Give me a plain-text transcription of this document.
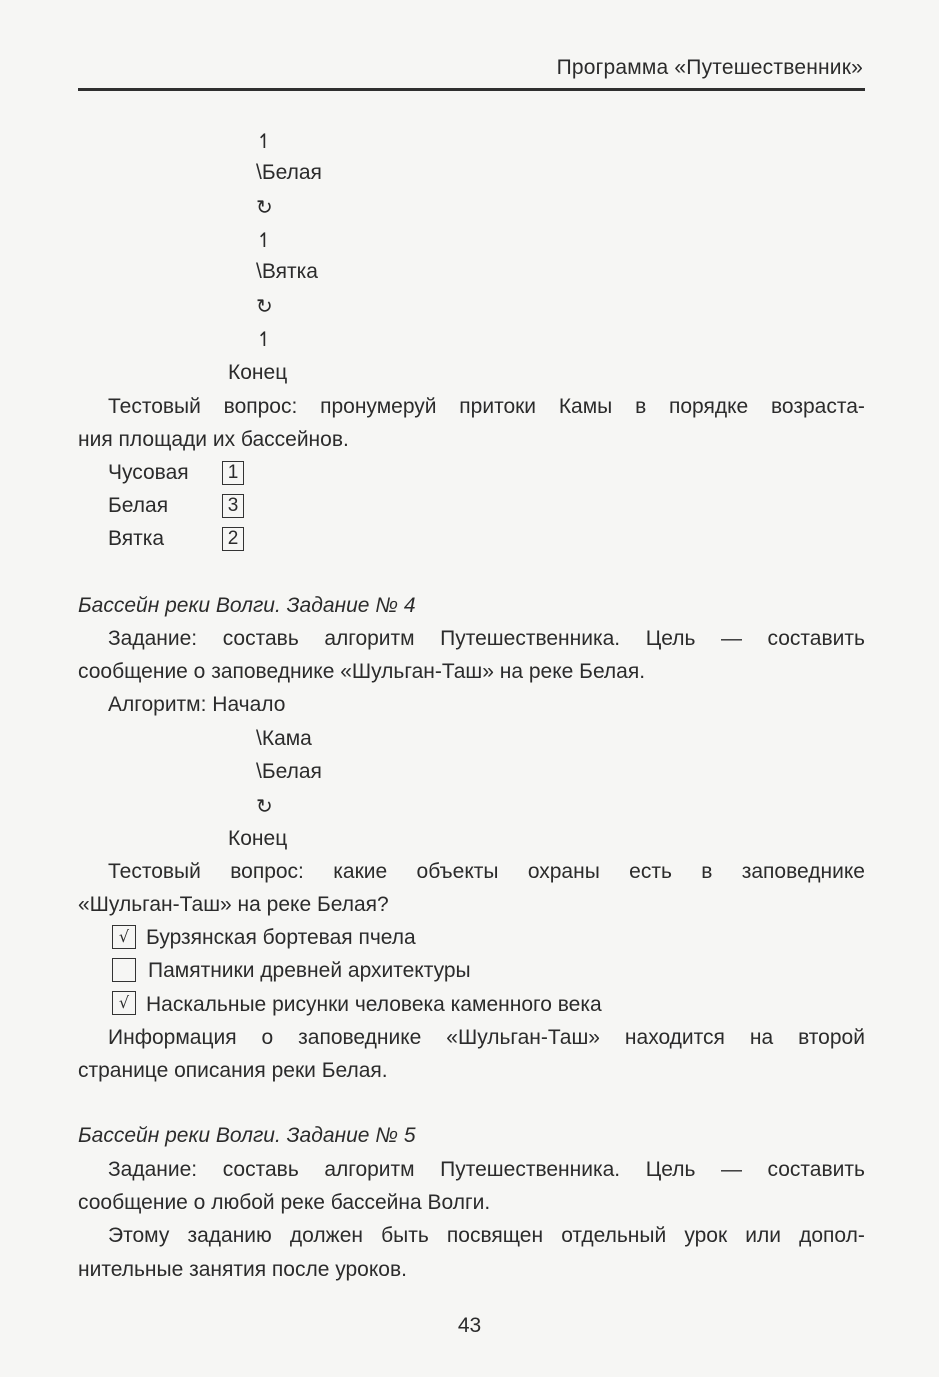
Программа «Путешественник»
↿
\Белая
↻
↿
\Вятка
↻
↿
Конец
Тестовый вопрос: пронумеруй притоки Камы в порядке возраста-
ния площади их бассейнов.
Чусовая	1
Белая	3
Вятка	2
Бассейн реки Волги. Задание № 4
Задание: составь алгоритм Путешественника. Цель — составить
сообщение о заповеднике «Шульган-Таш» на реке Белая.
Алгоритм: Начало
\Кама
\Белая
↻
Конец
Тестовый вопрос: какие объекты охраны есть в заповеднике
«Шульган-Таш» на реке Белая?
√ Бурзянская бортевая пчела
Памятники древней архитектуры
√ Наскальные рисунки человека каменного века
Информация о заповеднике «Шульган-Таш» находится на второй
странице описания реки Белая.
Бассейн реки Волги. Задание № 5
Задание: составь алгоритм Путешественника. Цель — составить
сообщение о любой реке бассейна Волги.
Этому заданию должен быть посвящен отдельный урок или допол-
нительные занятия после уроков.
43
